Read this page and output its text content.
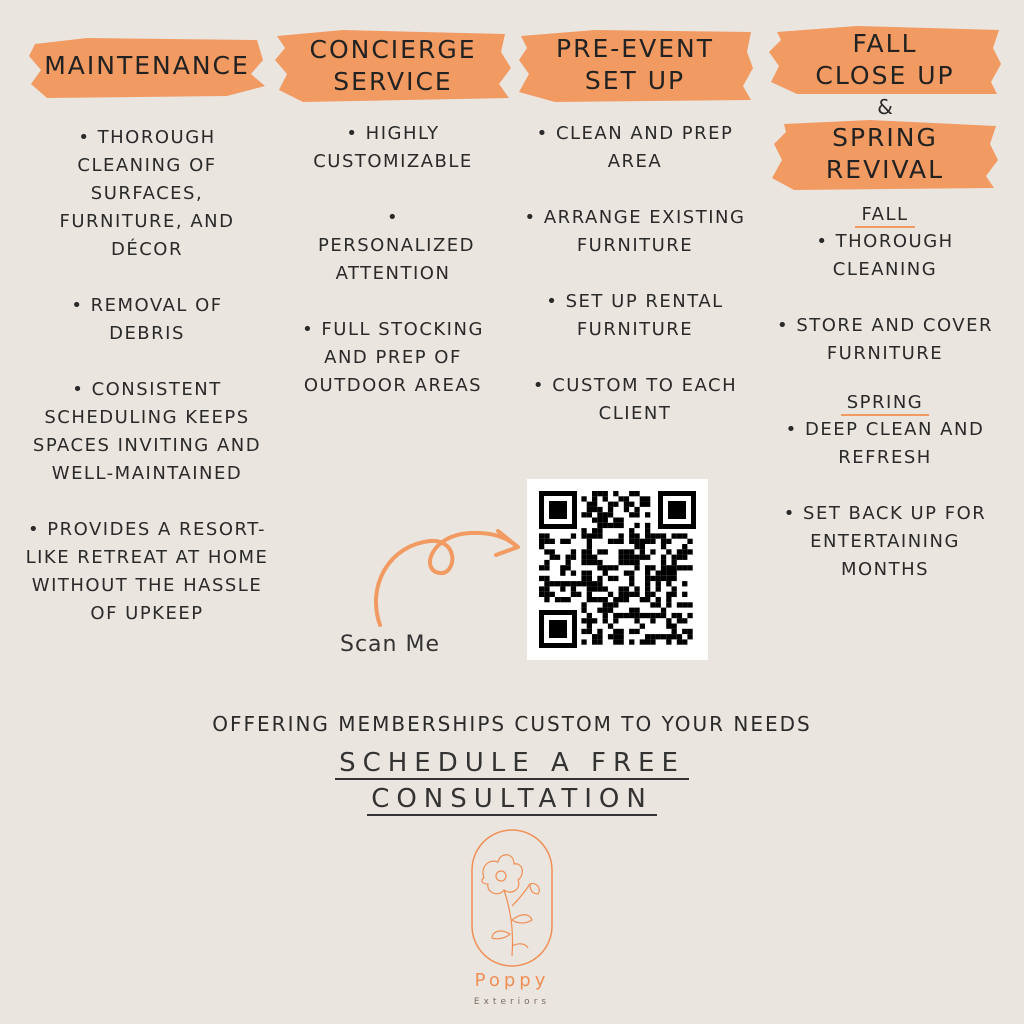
MAINTENANCE
• THOROUGH CLEANING OF SURFACES, FURNITURE, AND DÉCOR
• REMOVAL OF DEBRIS
• CONSISTENT SCHEDULING KEEPS SPACES INVITING AND WELL-MAINTAINED
• PROVIDES A RESORT-LIKE RETREAT AT HOME WITHOUT THE HASSLE OF UPKEEP
CONCIERGE
SERVICE
• HIGHLY CUSTOMIZABLE
• PERSONALIZED ATTENTION
• FULL STOCKING AND PREP OF OUTDOOR AREAS
PRE-EVENT
SET UP
• CLEAN AND PREP AREA
• ARRANGE EXISTING FURNITURE
• SET UP RENTAL FURNITURE
• CUSTOM TO EACH CLIENT
FALL
CLOSE UP
&
SPRING
REVIVAL
FALL
• THOROUGH CLEANING
• STORE AND COVER FURNITURE
SPRING
• DEEP CLEAN AND REFRESH
• SET BACK UP FOR ENTERTAINING MONTHS
Scan Me
OFFERING MEMBERSHIPS CUSTOM TO YOUR NEEDS
SCHEDULE A FREE
CONSULTATION
Poppy
Exteriors
